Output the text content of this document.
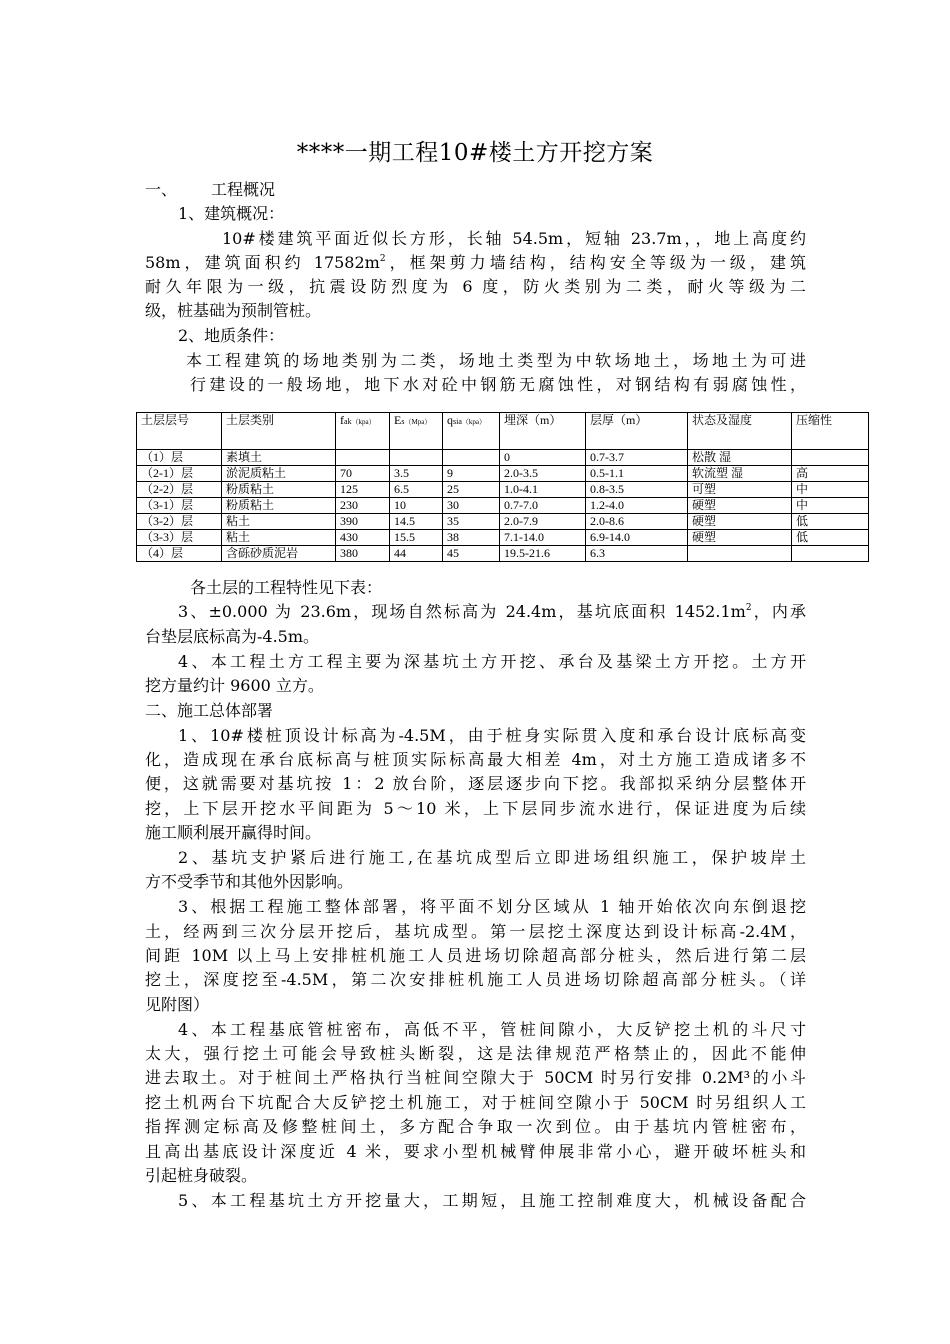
****一期工程10#楼土方开挖方案
一、 工程概况
1、建筑概况：
10#楼建筑平面近似长方形，长轴 54.5m，短轴 23.7m，，地上高度约
58m，建筑面积约 $17582m^2$，框架剪力墙结构，结构安全等级为一级，建筑
耐久年限为一级，抗震设防烈度为 6 度，防火类别为二类，耐火等级为二
级，桩基础为预制管桩。
2、地质条件：
本工程建筑的场地类别为二类，场地土类型为中软场地土，场地土为可进
行建设的一般场地，地下水对砼中钢筋无腐蚀性，对钢结构有弱腐蚀性，
土层层号	土层类别	fak（kpa）	Es（Mpa）	qsia（kpa）	埋深（m）	层厚（m）	状态及湿度	压缩性
（1）层	素填土				0	0.7-3.7	松散 湿	
（2-1）层	淤泥质粘土	70	3.5	9	2.0-3.5	0.5-1.1	软流塑 湿	高
（2-2）层	粉质粘土	125	6.5	25	1.0-4.1	0.8-3.5	可塑	中
（3-1）层	粉质粘土	230	10	30	0.7-7.0	1.2-4.0	硬塑	中
（3-2）层	粘土	390	14.5	35	2.0-7.9	2.0-8.6	硬塑	低
（3-3）层	粘土	430	15.5	38	7.1-14.0	6.9-14.0	硬塑	低
（4）层	含砾砂质泥岩	380	44	45	19.5-21.6	6.3		
各土层的工程特性见下表：
3、±0.000 为 23.6m，现场自然标高为 24.4m，基坑底面积 $1452.1m^2$，内承
台垫层底标高为-4.5m。
4、本工程土方工程主要为深基坑土方开挖、承台及基梁土方开挖。土方开
挖方量约计 9600 立方。
二、施工总体部署
1、10#楼桩顶设计标高为-4.5M，由于桩身实际贯入度和承台设计底标高变
化，造成现在承台底标高与桩顶实际标高最大相差 4m，对土方施工造成诸多不
便，这就需要对基坑按 1：2 放台阶，逐层逐步向下挖。我部拟采纳分层整体开
挖，上下层开挖水平间距为 5～10 米，上下层同步流水进行，保证进度为后续
施工顺利展开赢得时间。
2、基坑支护紧后进行施工,在基坑成型后立即进场组织施工，保护坡岸土
方不受季节和其他外因影响。
3、根据工程施工整体部署，将平面不划分区域从 1 轴开始依次向东倒退挖
土，经两到三次分层开挖后，基坑成型。第一层挖土深度达到设计标高-2.4M，
间距 10M 以上马上安排桩机施工人员进场切除超高部分桩头，然后进行第二层
挖土，深度挖至-4.5M，第二次安排桩机施工人员进场切除超高部分桩头。（详
见附图）
4、本工程基底管桩密布，高低不平，管桩间隙小，大反铲挖土机的斗尺寸
太大，强行挖土可能会导致桩头断裂，这是法律规范严格禁止的，因此不能伸
进去取土。对于桩间土严格执行当桩间空隙大于 50CM 时另行安排 0.2M³的小斗
挖土机两台下坑配合大反铲挖土机施工，对于桩间空隙小于 50CM 时另组织人工
指挥测定标高及修整桩间土，多方配合争取一次到位。由于基坑内管桩密布，
且高出基底设计深度近 4 米，要求小型机械臂伸展非常小心，避开破坏桩头和
引起桩身破裂。
5、本工程基坑土方开挖量大，工期短，且施工控制难度大，机械设备配合
